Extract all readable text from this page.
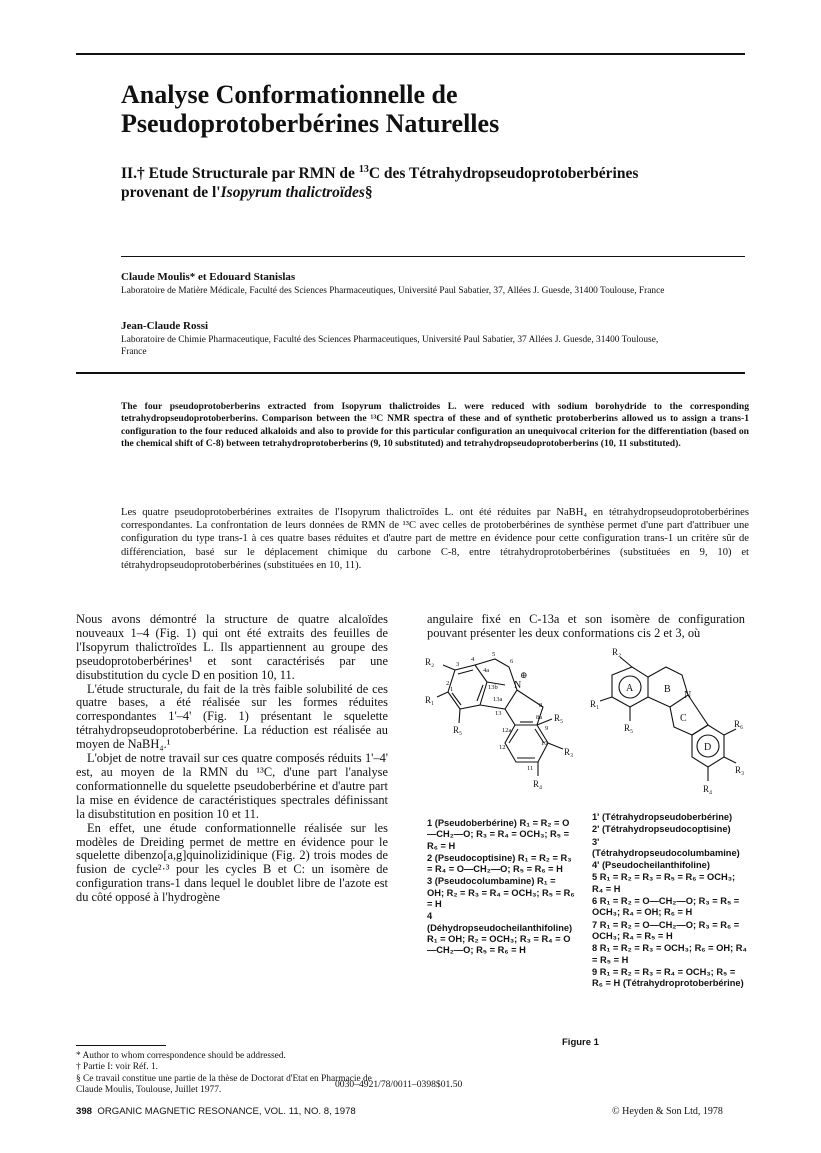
Analyse Conformationnelle de Pseudoprotoberbérines Naturelles
II.† Etude Structurale par RMN de $^{13}$C des Tétrahydropseudoprotoberbérines provenant de l'Isopyrum thalictroïdes§
Claude Moulis* et Edouard Stanislas
Laboratoire de Matière Médicale, Faculté des Sciences Pharmaceutiques, Université Paul Sabatier, 37, Allées J. Guesde, 31400 Toulouse, France
Jean-Claude Rossi
Laboratoire de Chimie Pharmaceutique, Faculté des Sciences Pharmaceutiques, Université Paul Sabatier, 37 Allées J. Guesde, 31400 Toulouse, France
The four pseudoprotoberberins extracted from Isopyrum thalictroides L. were reduced with sodium borohydride to the corresponding tetrahydropseudoprotoberberins. Comparison between the ¹³C NMR spectra of these and of synthetic protoberberins allowed us to assign a trans-1 configuration to the four reduced alkaloids and also to provide for this particular configuration an unequivocal criterion for the differentiation (based on the chemical shift of C-8) between tetrahydroprotoberberins (9, 10 substituted) and tetrahydropseudoprotoberberins (10, 11 substituted).
Les quatre pseudoprotoberbérines extraites de l'Isopyrum thalictroïdes L. ont été réduites par NaBH₄ en tétrahydropseudoprotoberbérines correspondantes. La confrontation de leurs données de RMN de ¹³C avec celles de protoberbérines de synthèse permet d'une part d'attribuer une configuration du type trans-1 à ces quatre bases réduites et d'autre part de mettre en évidence pour cette configuration trans-1 un critère sûr de différenciation, basé sur le déplacement chimique du carbone C-8, entre tétrahydroprotoberbérines (substituées en 9, 10) et tétrahydropseudoprotoberbérines (substituées en 10, 11).

Nous avons démontré la structure de quatre alcaloïdes nouveaux 1–4 (Fig. 1) qui ont été extraits des feuilles de l'Isopyrum thalictroïdes L. Ils appartiennent au groupe des pseudoprotoberbérines¹ et sont caractérisés par une disubstitution du cycle D en position 10, 11.

L'étude structurale, du fait de la très faible solubilité de ces quatre bases, a été réalisée sur les formes réduites correspondantes 1'–4' (Fig. 1) présentant le squelette tétrahydropseudoprotoberbérine. La réduction est réalisée au moyen de NaBH₄.¹

L'objet de notre travail sur ces quatre composés réduits 1'–4' est, au moyen de la RMN du ¹³C, d'une part l'analyse conformationnelle du squelette pseudoberbérine et d'autre part la mise en évidence de caractéristiques spectrales définissant la disubstitution en position 10 et 11.

En effet, une étude conformationnelle réalisée sur les modèles de Dreiding permet de mettre en évidence pour le squelette dibenzo[a,g]quinolizidinique (Fig. 2) trois modes de fusion de cycle²·³ pour les cycles B et C: un isomère de configuration trans-1 dans lequel le doublet libre de l'azote est du côté opposé à l'hydrogène

angulaire fixé en C-13a et son isomère de configuration pouvant présenter les deux conformations cis 2 et 3, où
R₂
R₁
R₅
R₅
R₃
R₄
N
⊕
1
2
3
4
4a
5
6
8
8a
9
10
11
12
12a
13
13a
13b
R₂
R₁
R₅	R₆
R₃
R₄
N
A	B
C
D
1 (Pseudoberbérine) R₁ = R₂ = O—CH₂—O; R₃ = R₄ = OCH₃; R₅ = R₆ = H
2 (Pseudocoptisine) R₁ = R₂ = R₃ = R₄ = O—CH₂—O; R₅ = R₆ = H
3 (Pseudocolumbamine) R₁ = OH; R₂ = R₃ = R₄ = OCH₃; R₅ = R₆ = H
4 (Déhydropseudocheilanthifoline) R₁ = OH; R₂ = OCH₃; R₃ = R₄ = O—CH₂—O; R₅ = R₆ = H
1' (Tétrahydropseudoberbérine)
2' (Tétrahydropseudocoptisine)
3' (Tétrahydropseudocolumbamine)
4' (Pseudocheilanthifoline)
5 R₁ = R₂ = R₃ = R₅ = R₆ = OCH₃; R₄ = H
6 R₁ = R₂ = O—CH₂—O; R₃ = R₅ = OCH₃; R₄ = OH; R₆ = H
7 R₁ = R₂ = O—CH₂—O; R₃ = R₆ = OCH₃; R₄ = R₅ = H
8 R₁ = R₂ = R₃ = OCH₃; R₆ = OH; R₄ = R₅ = H
9 R₁ = R₂ = R₃ = R₄ = OCH₃; R₅ = R₆ = H (Tétrahydroprotoberbérine)
Figure 1
* Author to whom correspondence should be addressed.
† Partie I: voir Réf. 1.
§ Ce travail constitue une partie de la thèse de Doctorat d'Etat en Pharmacie de Claude Moulis, Toulouse, Juillet 1977.
0030–4921/78/0011–0398$01.50
398 ORGANIC MAGNETIC RESONANCE, VOL. 11, NO. 8, 1978	© Heyden & Son Ltd, 1978
